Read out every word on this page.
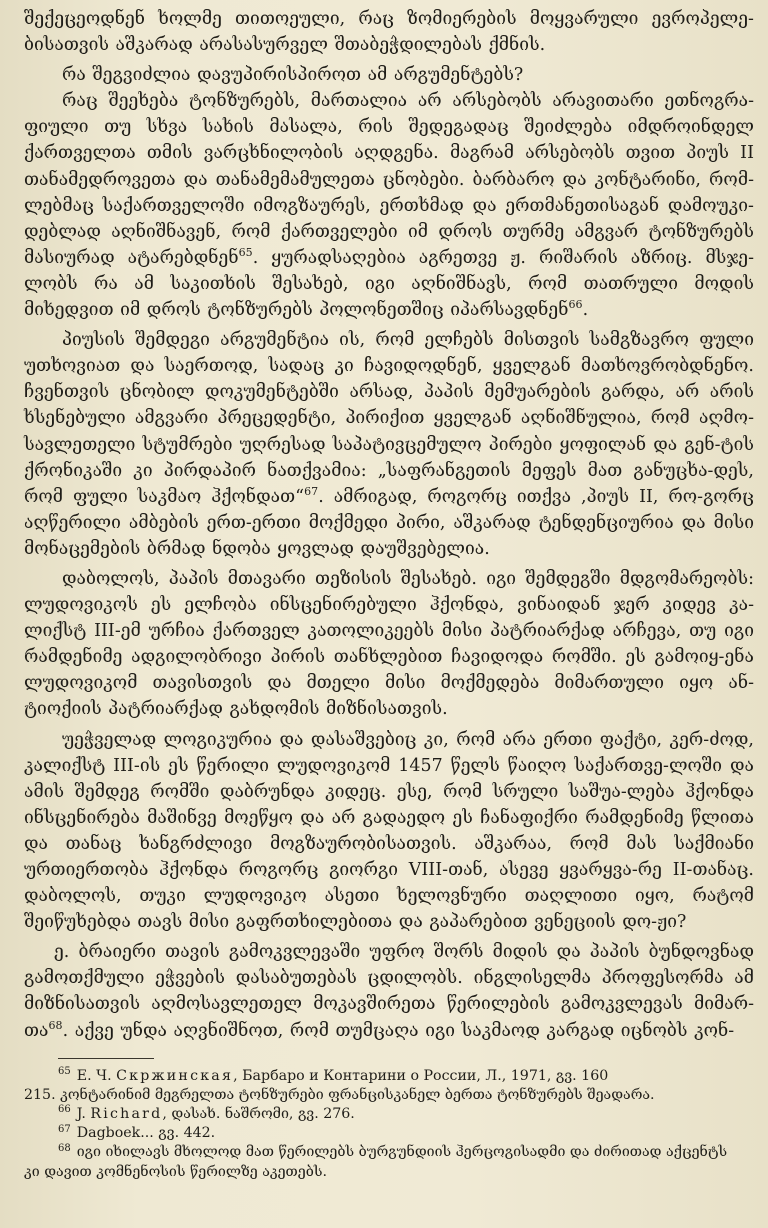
შექეცეოდნენ ხოლმე თითოეული, რაც ზომიერების მოყვარული ევროპელე-ბისათვის აშკარად არასასურველ შთაბეჭდილებას ქმნის.

რა შეგვიძლია დავუპირისპიროთ ამ არგუმენტებს?

რაც შეეხება ტონზურებს, მართალია არ არსებობს არავითარი ეთნოგრა-ფიული თუ სხვა სახის მასალა, რის შედეგადაც შეიძლება იმდროინდელ ქართველთა თმის ვარცხნილობის აღდგენა. მაგრამ არსებობს თვით პიუს II თანამედროვეთა და თანამემამულეთა ცნობები. ბარბარო და კონტარინი, რომ-ლებმაც საქართველოში იმოგზაურეს, ერთხმად და ერთმანეთისაგან დამოუკი-დებლად აღნიშნავენ, რომ ქართველები იმ დროს თურმე ამგვარ ტონზურებს მასიურად ატარებდნენ$^{65}$. ყურადსაღებია აგრეთვე ჟ. რიშარის აზრიც. მსჯე-ლობს რა ამ საკითხის შესახებ, იგი აღნიშნავს, რომ თათრული მოდის მიხედვით იმ დროს ტონზურებს პოლონეთშიც იპარსავდნენ$^{66}$.

პიუსის შემდეგი არგუმენტია ის, რომ ელჩებს მისთვის სამგზავრო ფული უთხოვიათ და საერთოდ, სადაც კი ჩავიდოდნენ, ყველგან მათხოვრობდნენო. ჩვენთვის ცნობილ დოკუმენტებში არსად, პაპის მემუარების გარდა, არ არის ხსენებული ამგვარი პრეცედენტი, პირიქით ყველგან აღნიშნულია, რომ აღმო-სავლეთელი სტუმრები უღრესად საპატივცემულო პირები ყოფილან და გენ-ტის ქრონიკაში კი პირდაპირ ნათქვამია: „საფრანგეთის მეფეს მათ განუცხა-დეს, რომ ფული საკმაო ჰქონდათ“$^{67}$. ამრიგად, როგორც ითქვა ,პიუს II, რო-გორც აღწერილი ამბების ერთ-ერთი მოქმედი პირი, აშკარად ტენდენციურია და მისი მონაცემების ბრმად ნდობა ყოვლად დაუშვებელია.

დაბოლოს, პაპის მთავარი თეზისის შესახებ. იგი შემდეგში მდგომარეობს: ლუდოვიკოს ეს ელჩობა ინსცენირებული ჰქონდა, ვინაიდან ჯერ კიდევ კა-ლიქსტ III-ემ ურჩია ქართველ კათოლიკეებს მისი პატრიარქად არჩევა, თუ იგი რამდენიმე ადგილობრივი პირის თანხლებით ჩავიდოდა რომში. ეს გამოიყ-ენა ლუდოვიკომ თავისთვის და მთელი მისი მოქმედება მიმართული იყო ან-ტიოქიის პატრიარქად გახდომის მიზნისათვის.

უეჭველად ლოგიკურია და დასაშვებიც კი, რომ არა ერთი ფაქტი, კერ-ძოდ, კალიქსტ III-ის ეს წერილი ლუდოვიკომ 1457 წელს წაიღო საქართვე-ლოში და ამის შემდეგ რომში დაბრუნდა კიდეც. ესე, რომ სრული საშუა-ლება ჰქონდა ინსცენირება მაშინვე მოეწყო და არ გადაედო ეს ჩანაფიქრი რამდენიმე წლითა და თანაც ხანგრძლივი მოგზაურობისათვის. აშკარაა, რომ მას საქმიანი ურთიერთობა ჰქონდა როგორც გიორგი VIII-თან, ასევე ყვარყვა-რე II-თანაც. დაბოლოს, თუკი ლუდოვიკო ასეთი ხელოვნური თაღლითი იყო, რატომ შეიწუხებდა თავს მისი გაფრთხილებითა და გაპარებით ვენეციის დო-ჟი?

ე. ბრაიერი თავის გამოკვლევაში უფრო შორს მიდის და პაპის ბუნდოვნად გამოთქმული ეჭვების დასაბუთებას ცდილობს. ინგლისელმა პროფესორმა ამ მიზნისათვის აღმოსავლეთელ მოკავშირეთა წერილების გამოკვლევას მიმარ-თა$^{68}$. აქვე უნდა აღვნიშნოთ, რომ თუმცაღა იგი საკმაოდ კარგად იცნობს კონ-

$^{65}$ Е. Ч. Скржинская, Барбаро и Контарини о России, Л., 1971, გვ. 160

215. კონტარინიმ მეგრელთა ტონზურები ფრანცისკანელ ბერთა ტონზურებს შეადარა.

$^{66}$ J. Richard, დასახ. ნაშრომი, გვ. 276.

$^{67}$ Dagboek... გვ. 442.

$^{68}$ იგი იხილავს მხოლოდ მათ წერილებს ბურგუნდიის ჰერცოგისადმი და ძირითად აქცენტს

კი დავით კომნენოსის წერილზე აკეთებს.
